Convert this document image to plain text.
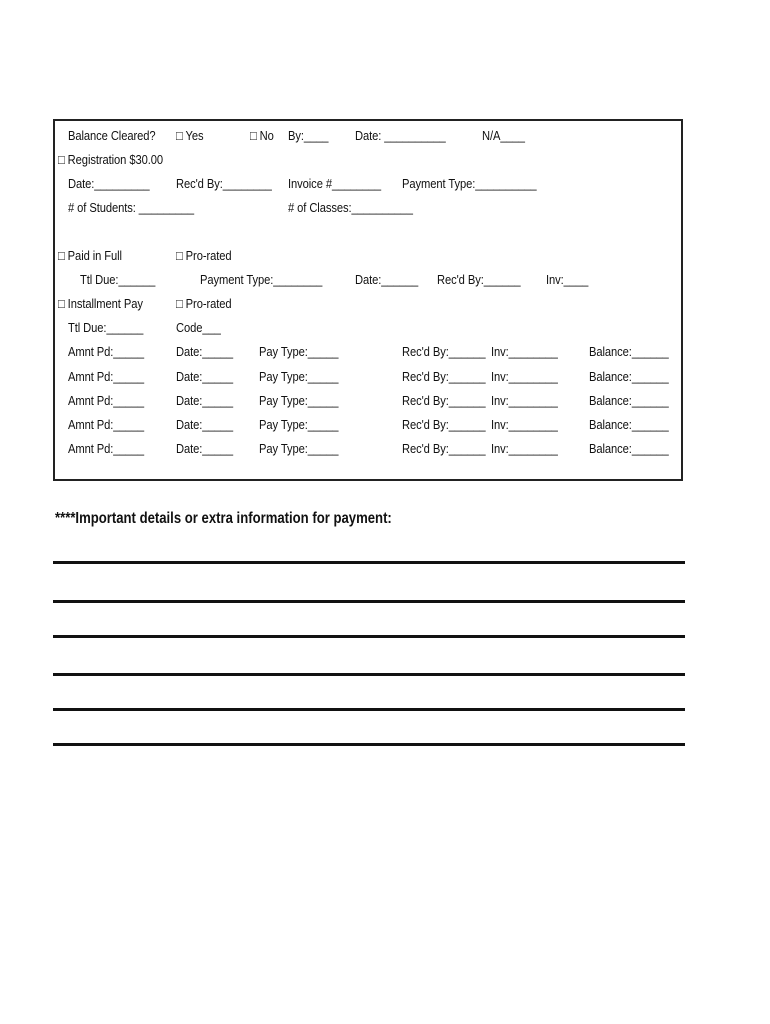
Balance Cleared? □ Yes	□ No By:____ Date: __________	N/A____
□ Registration $30.00
Date:_________ Rec'd By:________ Invoice #________ Payment Type:__________
# of Students: _________	# of Classes:__________
□ Paid in Full	□ Pro-rated
Ttl Due:______	Payment Type:________	Date:______ Rec'd By:______ Inv:____
□ Installment Pay	□ Pro-rated
Ttl Due:______	Code___
Amnt Pd:_____ Date:_____ Pay Type:_____	Rec'd By:______ Inv:________ Balance:______
Amnt Pd:_____ Date:_____ Pay Type:_____	Rec'd By:______ Inv:________ Balance:______
Amnt Pd:_____ Date:_____ Pay Type:_____	Rec'd By:______ Inv:________ Balance:______
Amnt Pd:_____ Date:_____ Pay Type:_____	Rec'd By:______ Inv:________ Balance:______
Amnt Pd:_____ Date:_____ Pay Type:_____	Rec'd By:______ Inv:________ Balance:______
****Important details or extra information for payment:
